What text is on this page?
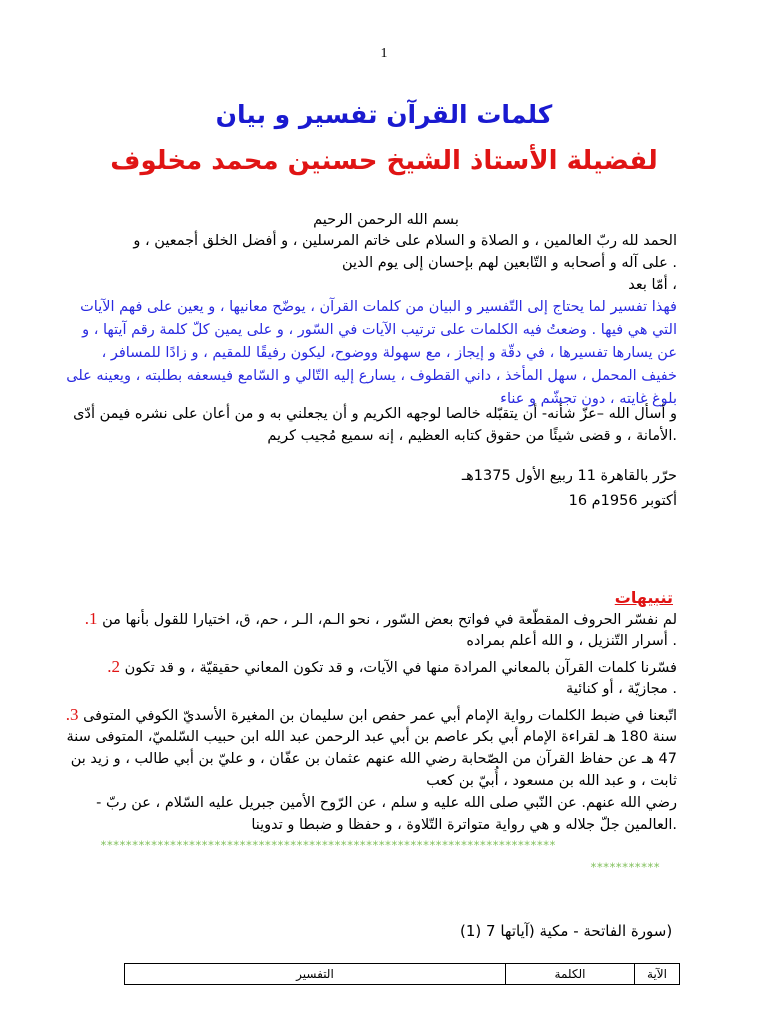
1
كلمات القرآن تفسير و بيان
لفضيلة الأستاذ الشيخ حسنين محمد مخلوف
بسم الله الرحمن الرحيم
الحمد لله ربّ العالمين ، و الصلاة و السلام على خاتم المرسلين ، و أفضل الخلق أجمعين ، و
. على آله و أصحابه و التّابعين لهم بإحسان إلى يوم الدين
، أمّا بعد
فهذا تفسير لما يحتاج إلى التّفسير و البيان من كلمات القرآن ، يوضّح معانيها ، و يعين على فهم الآيات
التي هي فيها . وضعتُ فيه الكلمات على ترتيب الآيات في السّور ، و على يمين كلّ كلمة رقم آيتها ، و
عن يسارها تفسيرها ، في دقّة و إيجاز ، مع سهولة ووضوح، ليكون رفيقًا للمقيم ، و زادًا للمسافر ،
خفيف المحمل ، سهل المأخذ ، داني القطوف ، يسارع إليه التّالي و السّامع فيسعفه بطلبته ، ويعينه على
بلوغ غايته ، دون تجشّم و عناء
و أسأل الله –عزّ شأنه- أن يتقبّله خالصا لوجهه الكريم و أن يجعلني به و من أعان على نشره فيمن أدّى
.الأمانة ، و قضى شيئًا من حقوق كتابه العظيم ، إنه سميع مُجيب كريم
حرّر بالقاهرة 11 ربيع الأول 1375هـ
أكتوبر 1956م 16
تنبيهات
لم نفسّر الحروف المقطّعة في فواتح بعض السّور ، نحو الـم، الـر ، حم، ق، اختيارا للقول بأنها من 1.
. أسرار التّنزيل ، و الله أعلم بمراده
فسّرنا كلمات القرآن بالمعاني المرادة منها في الآيات، و قد تكون المعاني حقيقيّة ، و قد تكون 2.
. مجازيّة ، أو كنائية
اتّبعنا في ضبط الكلمات رواية الإمام أبي عمر حفص ابن سليمان بن المغيرة الأسديّ الكوفي المتوفى 3.
سنة 180 هـ لقراءة الإمام أبي بكر عاصم بن أبي عبد الرحمن عبد الله ابن حبيب السّلميّ، المتوفى سنة
47 هـ عن حفاظ القرآن من الصّحابة رضي الله عنهم عثمان بن عفّان ، و عليّ بن أبي طالب ، و زيد بن
ثابت ، و عبد الله بن مسعود ، أُبيّ بن كعب
رضي الله عنهم. عن النّبي صلى الله عليه و سلم ، عن الرّوح الأمين جبريل عليه السّلام ، عن ربّ -
.العالمين جلّ جلاله و هي رواية متواترة التّلاوة ، و حفظا و ضبطا و تدوينا
************************************************************************
***********
(سورة الفاتحة - مكية (آياتها 7 (1)
الآية	الكلمة	التفسير
